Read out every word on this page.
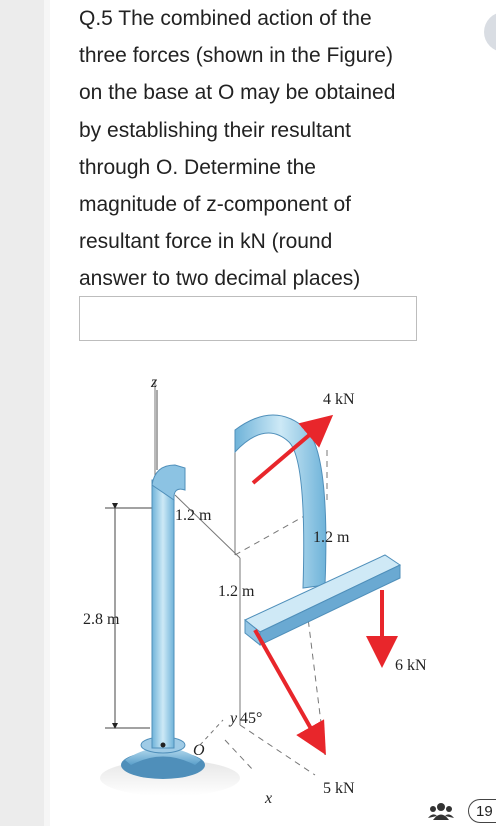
Q.5 The combined action of the
three forces (shown in the Figure)
on the base at O may be obtained
by establishing their resultant
through O. Determine the
magnitude of z-component of
resultant force in kN (round
answer to two decimal places)
z
4 kN
1.2 m
1.2 m
1.2 m
2.8 m
6 kN
y 45°
O
5 kN
x
19
